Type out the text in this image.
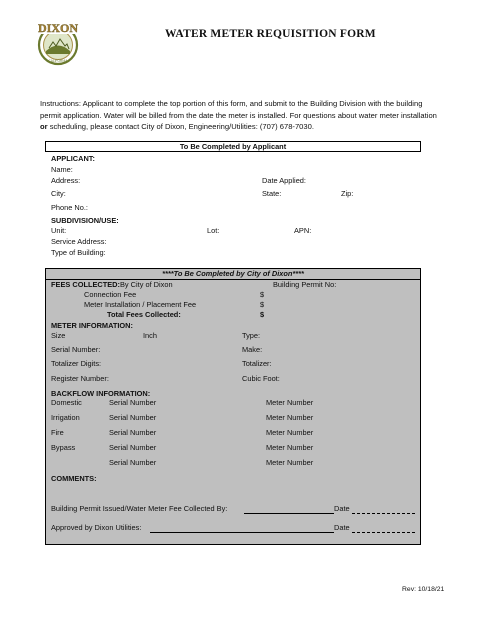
DIXON
CALIFORNIA
WATER METER REQUISITION FORM
Instructions: Applicant to complete the top portion of this form, and submit to the Building Division with the building permit application. Water will be billed from the date the meter is installed. For questions about water meter installation or scheduling, please contact City of Dixon, Engineering/Utilities: (707) 678-7030.
To Be Completed by Applicant
APPLICANT:
Name:
Address:	Date Applied:
City:	State:	Zip:
Phone No.:
SUBDIVISION/USE:
Unit:	Lot:	APN:
Service Address:
Type of Building:
****To Be Completed by City of Dixon****
FEES COLLECTED: By City of Dixon	Building Permit No:
Connection Fee	$
Meter Installation / Placement Fee	$
Total Fees Collected:	$
METER INFORMATION:
Size	Inch	Type:
Serial Number:	Make:
Totalizer Digits:	Totalizer:
Register Number:	Cubic Foot:
BACKFLOW INFORMATION:
Domestic	Serial Number	Meter Number
Irrigation	Serial Number	Meter Number
Fire	Serial Number	Meter Number
Bypass	Serial Number	Meter Number
Serial Number	Meter Number
COMMENTS:
Building Permit Issued/Water Meter Fee Collected By:	Date
Approved by Dixon Utilities:	Date
Rev: 10/18/21
